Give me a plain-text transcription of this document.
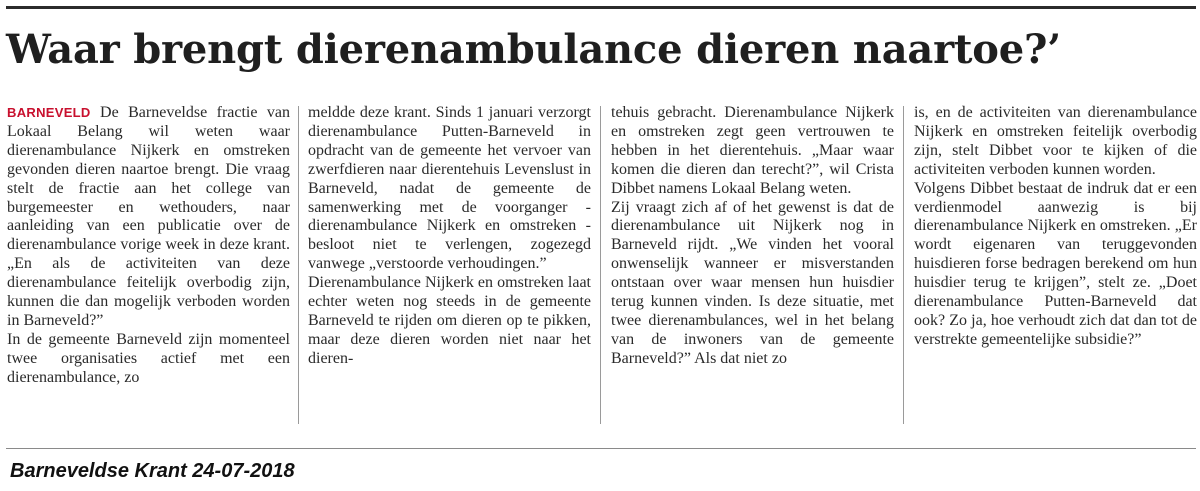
Waar brengt dierenambulance dieren naartoe?’

BARNEVELD De Barneveldse fractie van Lokaal Belang wil weten waar dierenambulance Nijkerk en omstreken gevonden dieren naartoe brengt. Die vraag stelt de fractie aan het college van burgemeester en wethouders, naar aanleiding van een publicatie over de dierenambulance vorige week in deze krant. „En als de activiteiten van deze dierenambulance feitelijk overbodig zijn, kunnen die dan mogelijk verboden worden in Barneveld?”

In de gemeente Barneveld zijn momenteel twee organisaties actief met een dierenambulance, zo

meldde deze krant. Sinds 1 januari verzorgt dierenambulance Putten-Barneveld in opdracht van de gemeente het vervoer van zwerfdieren naar dierentehuis Levenslust in Barneveld, nadat de gemeente de samenwerking met de voorganger - dierenambulance Nijkerk en omstreken - besloot niet te verlengen, zogezegd vanwege „verstoorde verhoudingen.”

Dierenambulance Nijkerk en omstreken laat echter weten nog steeds in de gemeente Barneveld te rijden om dieren op te pikken, maar deze dieren worden niet naar het dieren-

tehuis gebracht. Dierenambulance Nijkerk en omstreken zegt geen vertrouwen te hebben in het dierentehuis. „Maar waar komen die dieren dan terecht?”, wil Crista Dibbet namens Lokaal Belang weten.

Zij vraagt zich af of het gewenst is dat de dierenambulance uit Nijkerk nog in Barneveld rijdt. „We vinden het vooral onwenselijk wanneer er misverstanden ontstaan over waar mensen hun huisdier terug kunnen vinden. Is deze situatie, met twee dierenambulances, wel in het belang van de inwoners van de gemeente Barneveld?” Als dat niet zo

is, en de activiteiten van dierenambulance Nijkerk en omstreken feitelijk overbodig zijn, stelt Dibbet voor te kijken of die activiteiten verboden kunnen worden.

Volgens Dibbet bestaat de indruk dat er een verdienmodel aanwezig is bij dierenambulance Nijkerk en omstreken. „Er wordt eigenaren van teruggevonden huisdieren forse bedragen berekend om hun huisdier terug te krijgen”, stelt ze. „Doet dierenambulance Putten-Barneveld dat ook? Zo ja, hoe verhoudt zich dat dan tot de verstrekte gemeentelijke subsidie?”

Barneveldse Krant 24-07-2018
